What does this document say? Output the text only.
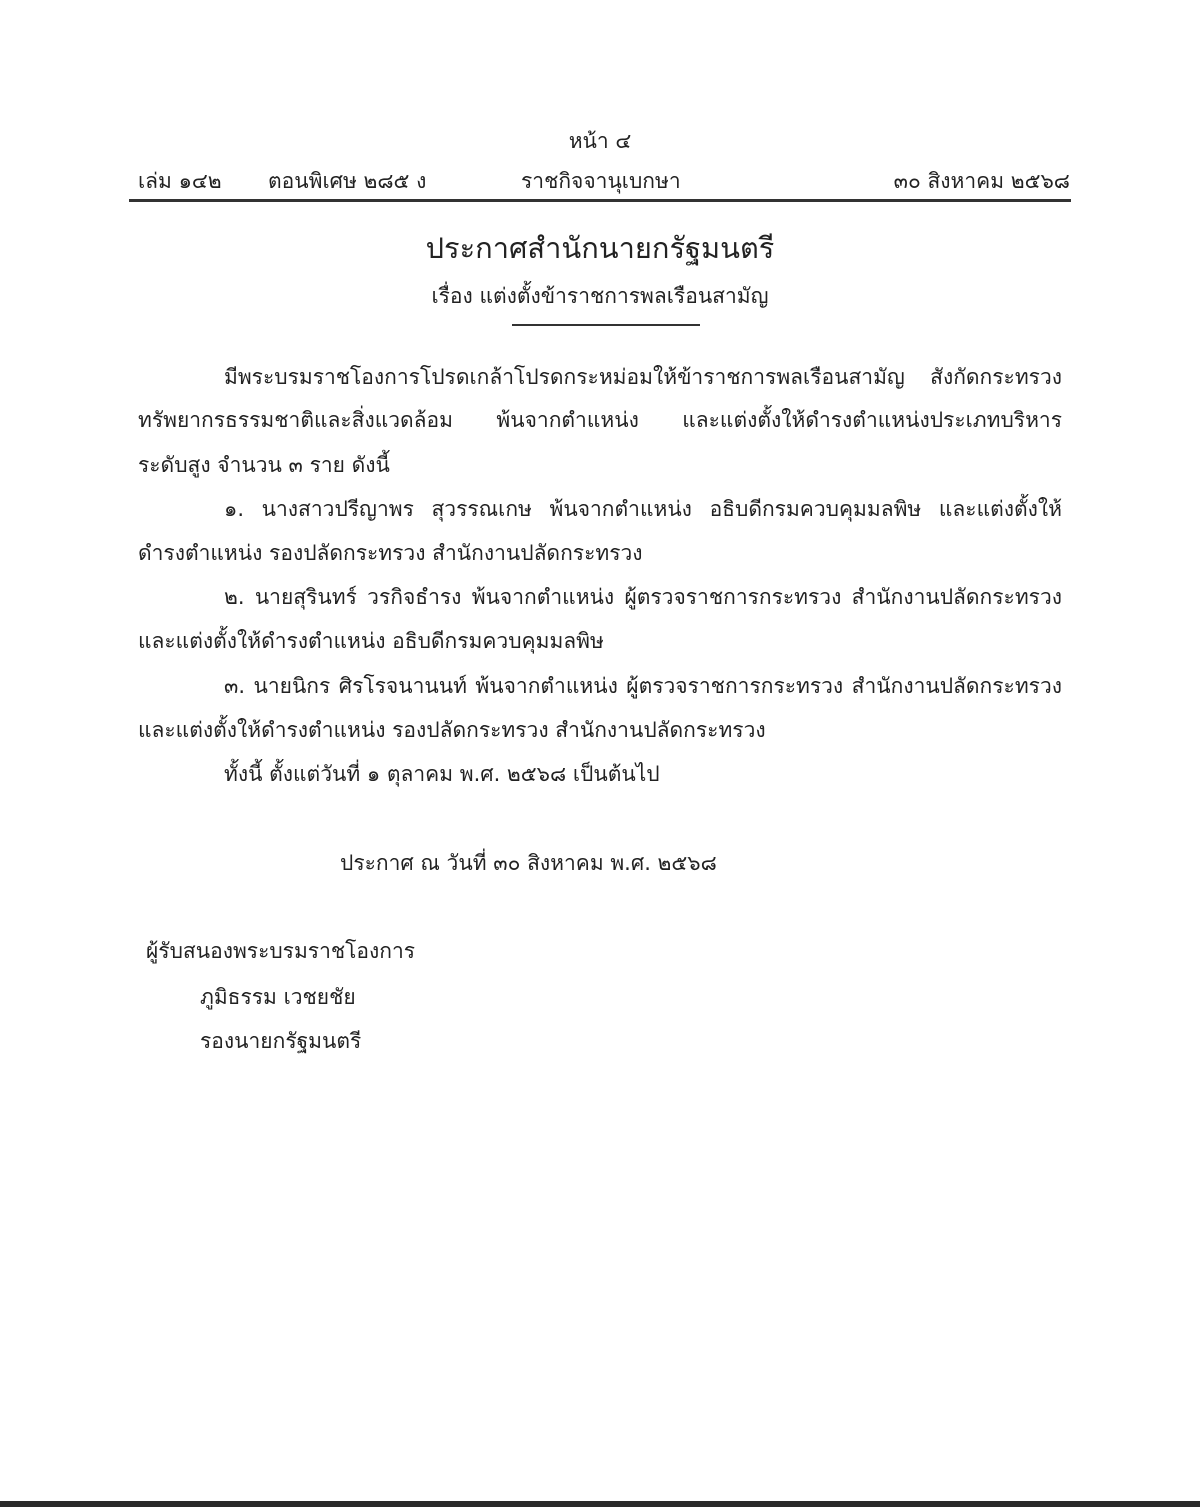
หน้า ๔
เล่ม ๑๔๒ ตอนพิเศษ ๒๘๕ ง	ราชกิจจานุเบกษา	๓๐ สิงหาคม ๒๕๖๘
ประกาศสำนักนายกรัฐมนตรี
เรื่อง แต่งตั้งข้าราชการพลเรือนสามัญ
มีพระบรมราชโองการโปรดเกล้าโปรดกระหม่อมให้ข้าราชการพลเรือนสามัญ สังกัดกระทรวง
ทรัพยากรธรรมชาติและสิ่งแวดล้อม พ้นจากตำแหน่ง และแต่งตั้งให้ดำรงตำแหน่งประเภทบริหาร
ระดับสูง จำนวน ๓ ราย ดังนี้
๑. นางสาวปรีญาพร สุวรรณเกษ พ้นจากตำแหน่ง อธิบดีกรมควบคุมมลพิษ และแต่งตั้งให้
ดำรงตำแหน่ง รองปลัดกระทรวง สำนักงานปลัดกระทรวง
๒. นายสุรินทร์ วรกิจธำรง พ้นจากตำแหน่ง ผู้ตรวจราชการกระทรวง สำนักงานปลัดกระทรวง
และแต่งตั้งให้ดำรงตำแหน่ง อธิบดีกรมควบคุมมลพิษ
๓. นายนิกร ศิรโรจนานนท์ พ้นจากตำแหน่ง ผู้ตรวจราชการกระทรวง สำนักงานปลัดกระทรวง
และแต่งตั้งให้ดำรงตำแหน่ง รองปลัดกระทรวง สำนักงานปลัดกระทรวง
ทั้งนี้ ตั้งแต่วันที่ ๑ ตุลาคม พ.ศ. ๒๕๖๘ เป็นต้นไป
ประกาศ ณ วันที่ ๓๐ สิงหาคม พ.ศ. ๒๕๖๘
ผู้รับสนองพระบรมราชโองการ
ภูมิธรรม เวชยชัย
รองนายกรัฐมนตรี
